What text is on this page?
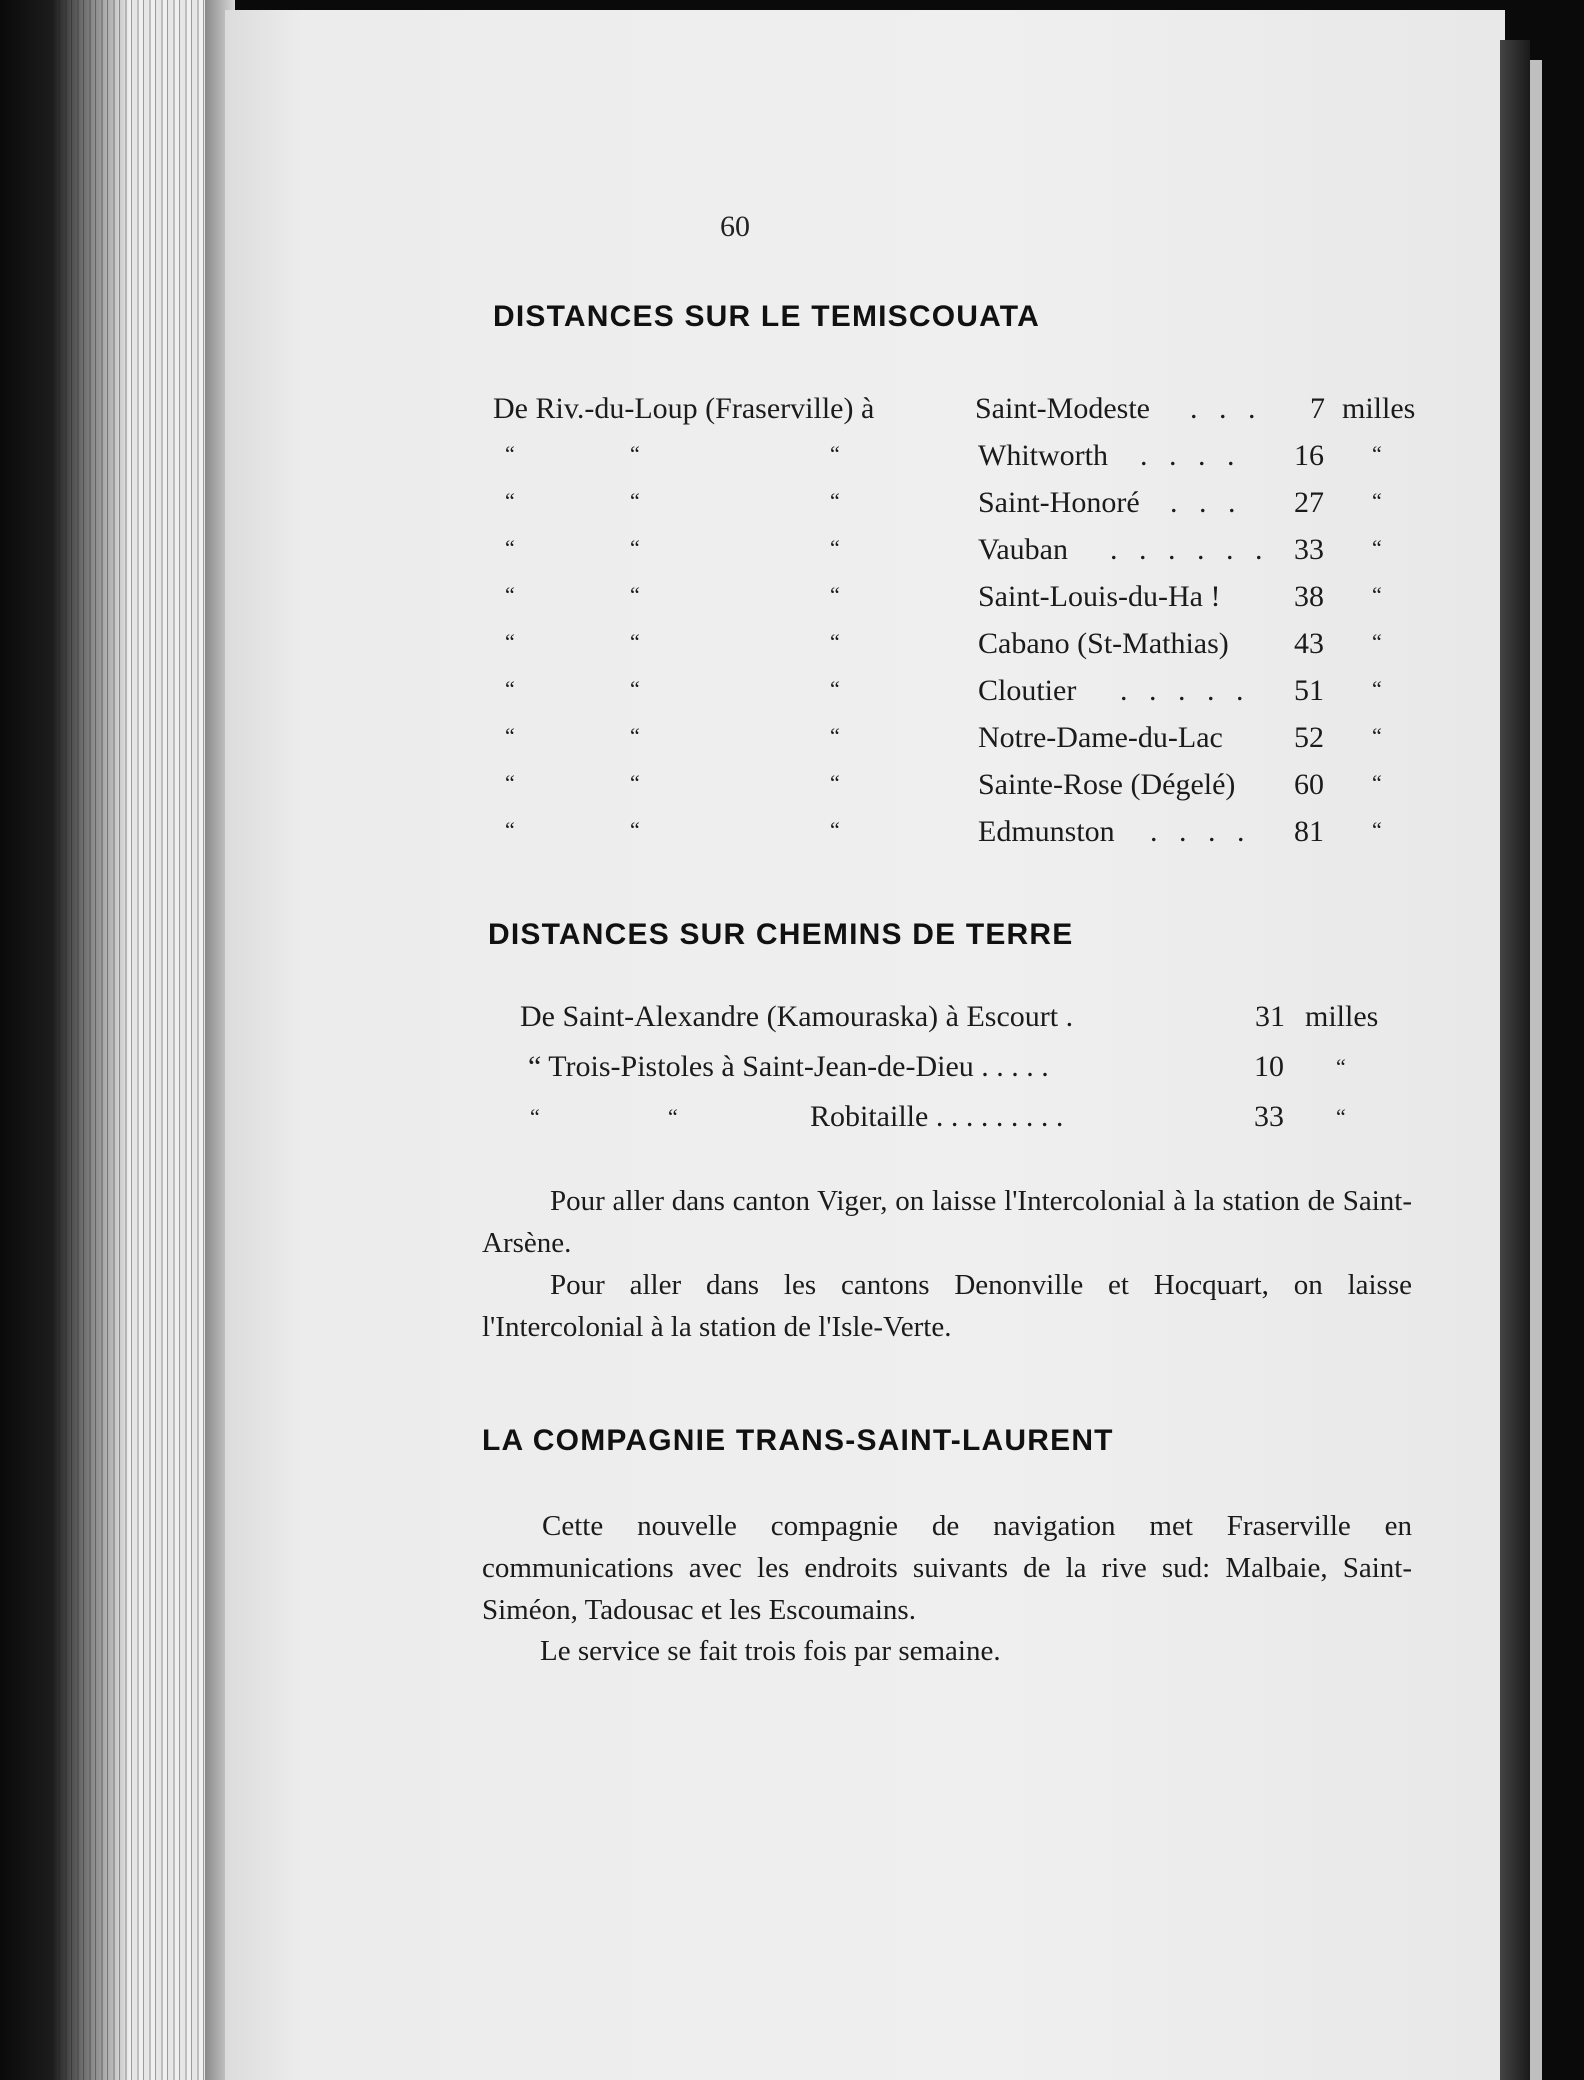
60
DISTANCES SUR LE TEMISCOUATA
De Riv.-du-Loup (Fraserville) à	Saint-Modeste . . . 7 milles
“	“	“	Whitworth . . . . 16 “
“	“	“	Saint-Honoré . . . 27 “
“	“	“	Vauban . . . . . . 33 “
“	“	“	Saint-Louis-du-Ha ! 38 “
“	“	“	Cabano (St-Mathias) 43 “
“	“	“	Cloutier . . . . . 51 “
“	“	“	Notre-Dame-du-Lac 52 “
“	“	“	Sainte-Rose (Dégelé) 60 “
“	“	“	Edmunston . . . . 81 “
DISTANCES SUR CHEMINS DE TERRE
De Saint-Alexandre (Kamouraska) à Escourt .	31 milles
“ Trois-Pistoles à Saint-Jean-de-Dieu . . . . .	10 “
“	“	Robitaille . . . . . . . . .	33 “
Pour aller dans canton Viger, on laisse l'Intercolonial à la station de Saint-Arsène.
Pour aller dans les cantons Denonville et Hocquart, on laisse l'Intercolonial à la station de l'Isle-Verte.
LA COMPAGNIE TRANS-SAINT-LAURENT
Cette nouvelle compagnie de navigation met Fraserville en communications avec les endroits suivants de la rive sud: Malbaie, Saint-Siméon, Tadousac et les Escoumains.
Le service se fait trois fois par semaine.
